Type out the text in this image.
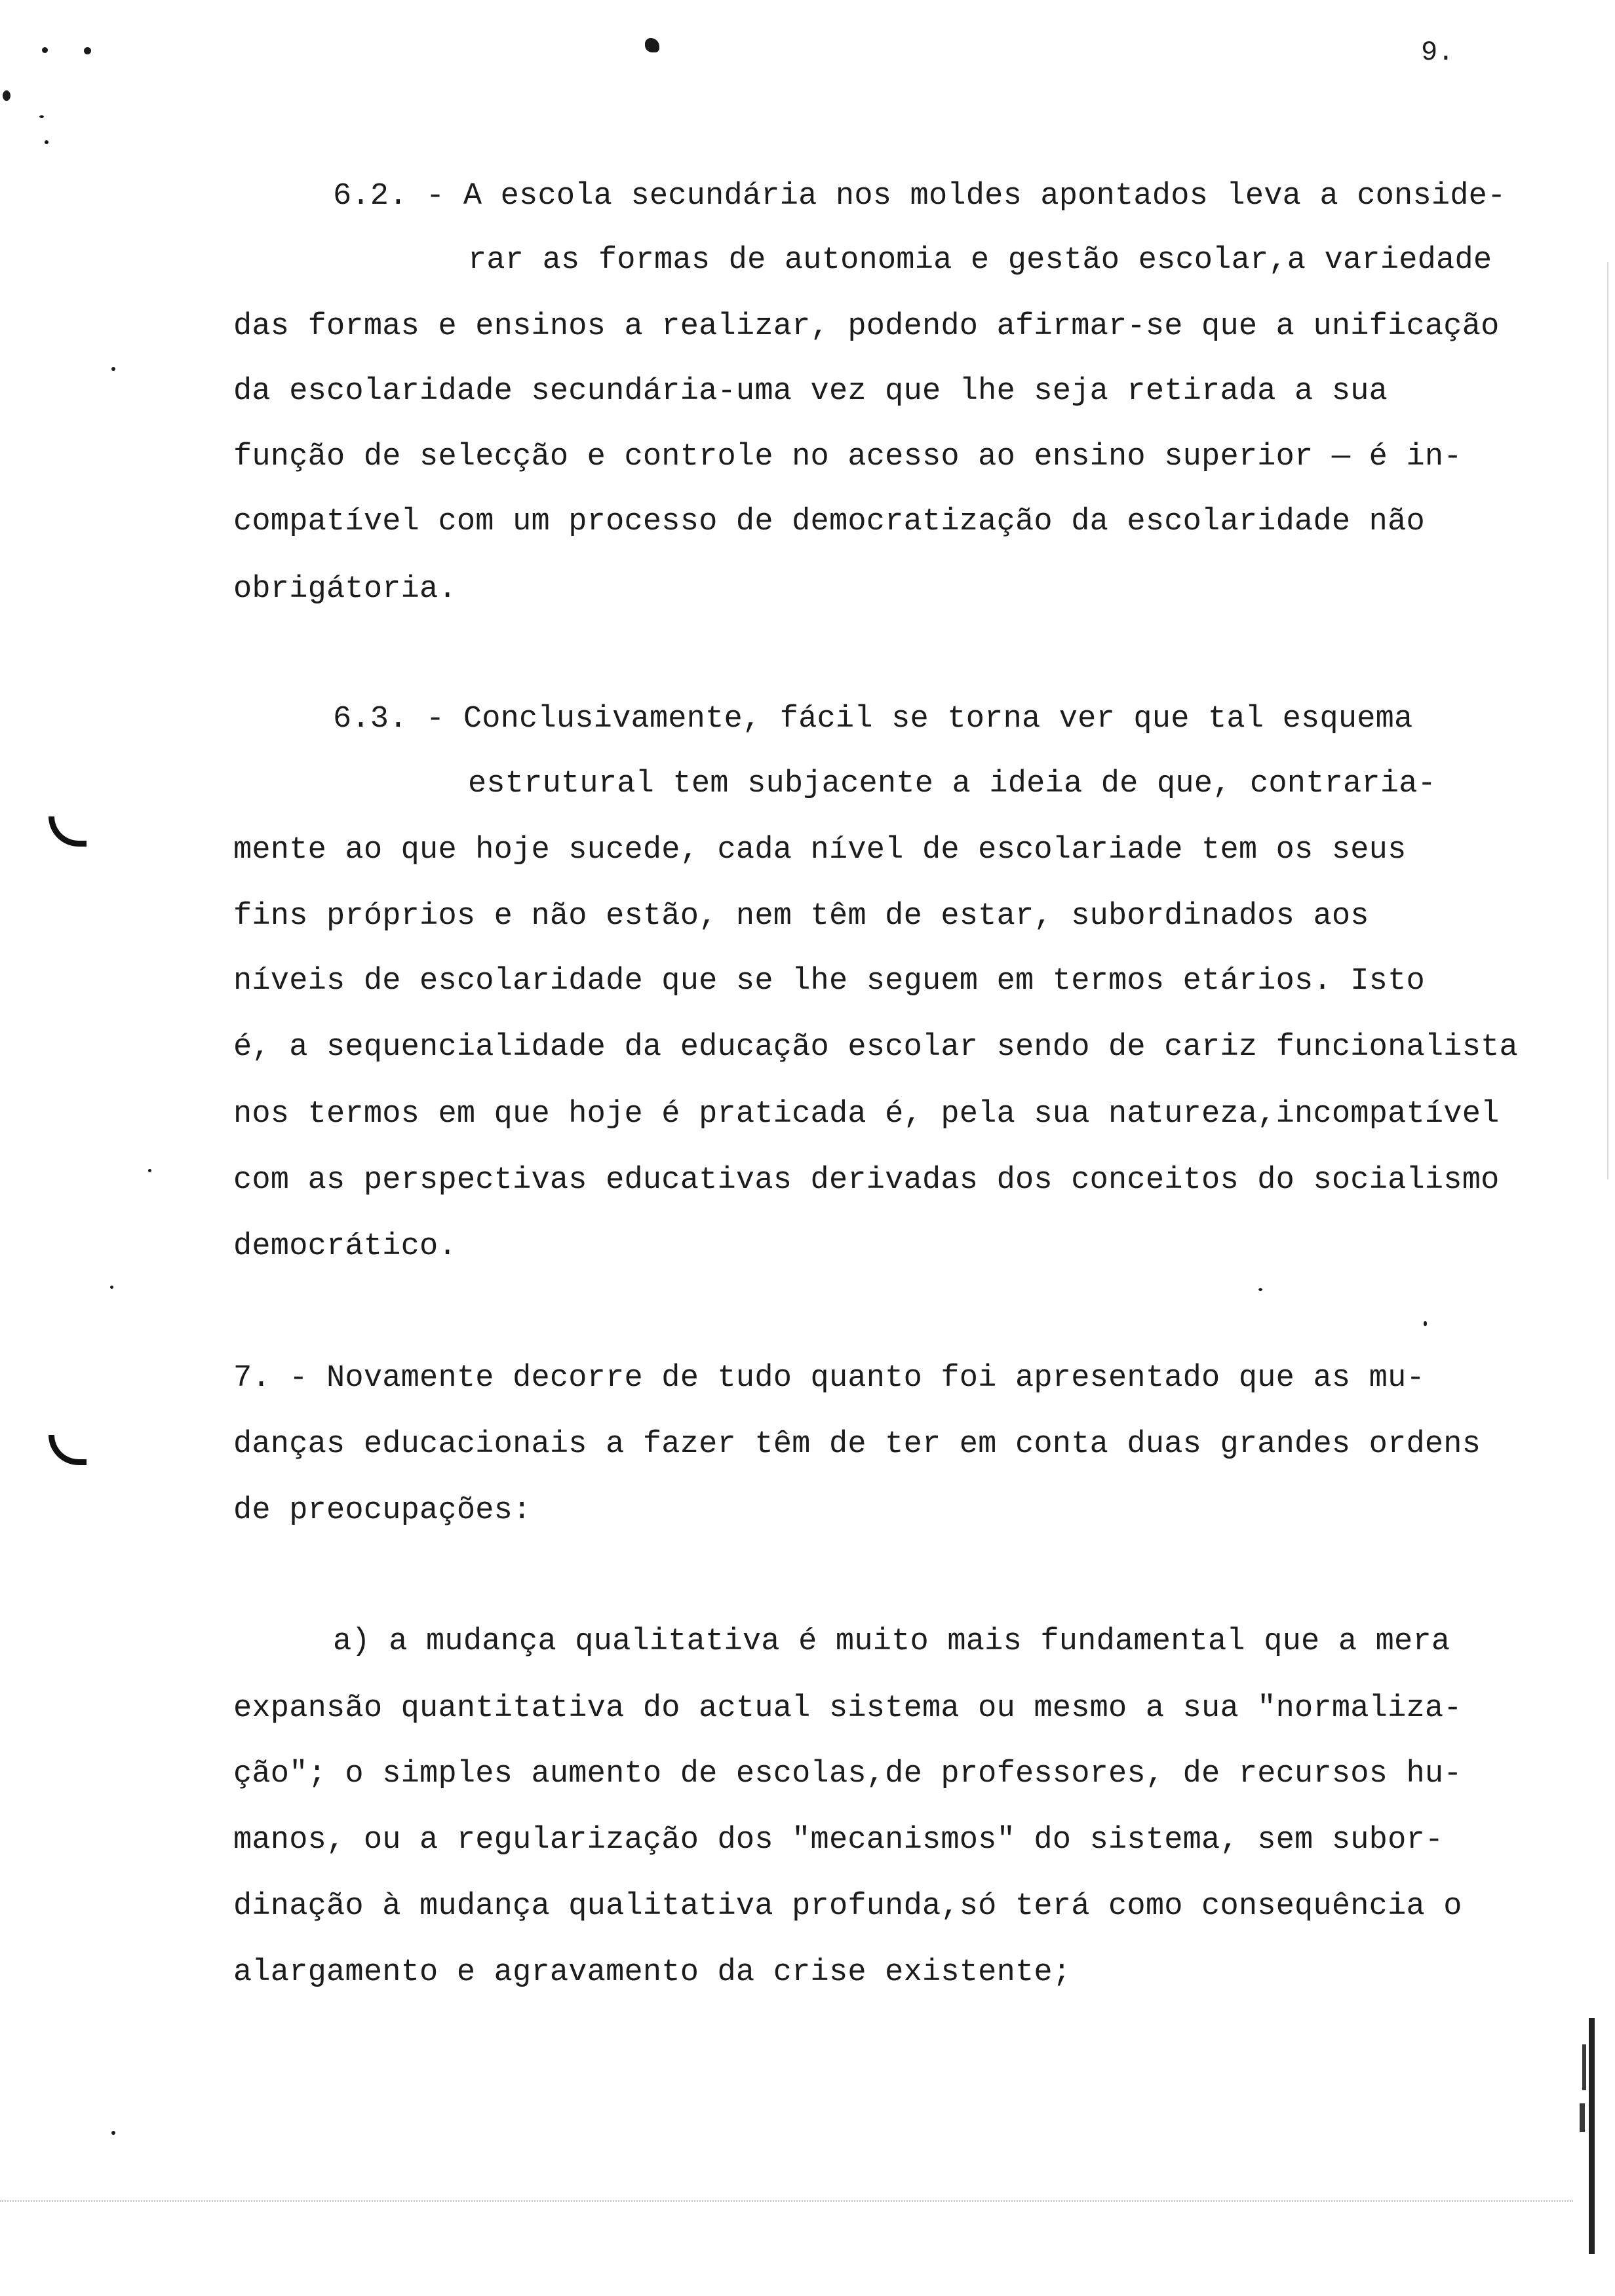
9.
6.2. - A escola secundária nos moldes apontados leva a conside-
rar as formas de autonomia e gestão escolar,a variedade
das formas e ensinos a realizar, podendo afirmar-se que a unificação
da escolaridade secundária-uma vez que lhe seja retirada a sua
função de selecção e controle no acesso ao ensino superior — é in-
compatível com um processo de democratização da escolaridade não
obrigátoria.
6.3. - Conclusivamente, fácil se torna ver que tal esquema
estrutural tem subjacente a ideia de que, contraria-
mente ao que hoje sucede, cada nível de escolariade tem os seus
fins próprios e não estão, nem têm de estar, subordinados aos
níveis de escolaridade que se lhe seguem em termos etários. Isto
é, a sequencialidade da educação escolar sendo de cariz funcionalista
nos termos em que hoje é praticada é, pela sua natureza,incompatível
com as perspectivas educativas derivadas dos conceitos do socialismo
democrático.
7. - Novamente decorre de tudo quanto foi apresentado que as mu-
danças educacionais a fazer têm de ter em conta duas grandes ordens
de preocupações:
a) a mudança qualitativa é muito mais fundamental que a mera
expansão quantitativa do actual sistema ou mesmo a sua "normaliza-
ção"; o simples aumento de escolas,de professores, de recursos hu-
manos, ou a regularização dos "mecanismos" do sistema, sem subor-
dinação à mudança qualitativa profunda,só terá como consequência o
alargamento e agravamento da crise existente;
